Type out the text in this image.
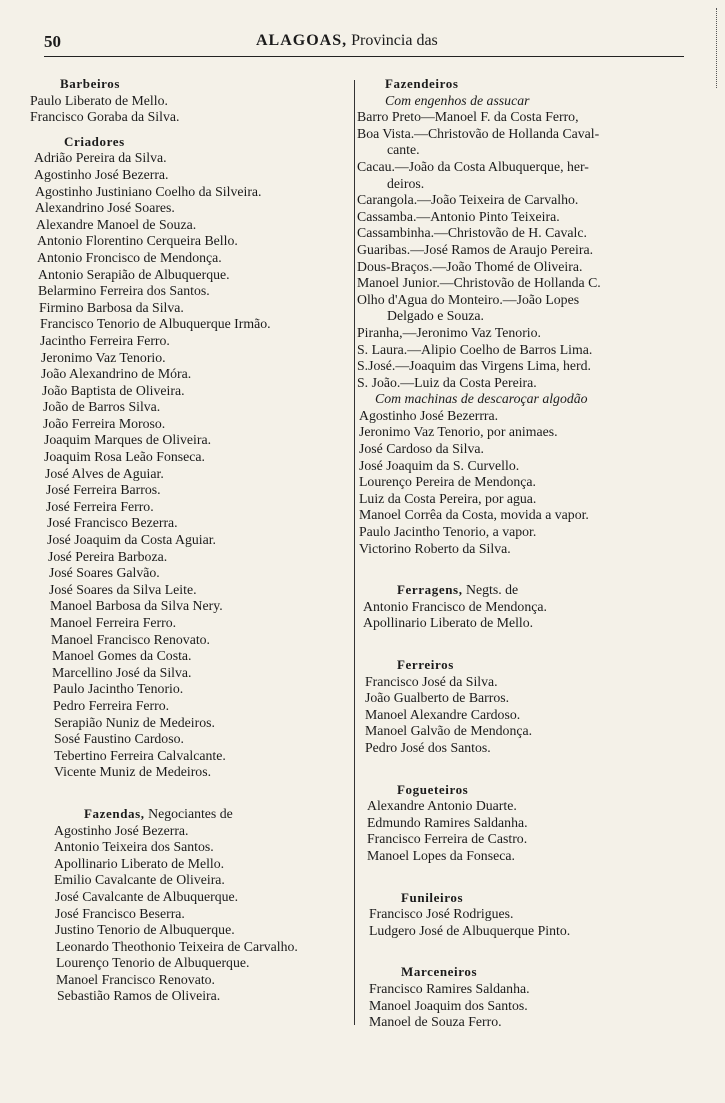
50	ALAGOAS, Provincia das
Barbeiros
Paulo Liberato de Mello.
Francisco Goraba da Silva.
Criadores
Adrião Pereira da Silva.
Agostinho José Bezerra.
Agostinho Justiniano Coelho da Silveira.
Alexandrino José Soares.
Alexandre Manoel de Souza.
Antonio Florentino Cerqueira Bello.
Antonio Froncisco de Mendonça.
Antonio Serapião de Albuquerque.
Belarmino Ferreira dos Santos.
Firmino Barbosa da Silva.
Francisco Tenorio de Albuquerque Irmão.
Jacintho Ferreira Ferro.
Jeronimo Vaz Tenorio.
João Alexandrino de Móra.
João Baptista de Oliveira.
João de Barros Silva.
João Ferreira Moroso.
Joaquim Marques de Oliveira.
Joaquim Rosa Leão Fonseca.
José Alves de Aguiar.
José Ferreira Barros.
José Ferreira Ferro.
José Francisco Bezerra.
José Joaquim da Costa Aguiar.
José Pereira Barboza.
José Soares Galvão.
José Soares da Silva Leite.
Manoel Barbosa da Silva Nery.
Manoel Ferreira Ferro.
Manoel Francisco Renovato.
Manoel Gomes da Costa.
Marcellino José da Silva.
Paulo Jacintho Tenorio.
Pedro Ferreira Ferro.
Serapião Nuniz de Medeiros.
Sosé Faustino Cardoso.
Tebertino Ferreira Calvalcante.
Vicente Muniz de Medeiros.
Fazendas, Negociantes de
Agostinho José Bezerra.
Antonio Teixeira dos Santos.
Apollinario Liberato de Mello.
Emilio Cavalcante de Oliveira.
José Cavalcante de Albuquerque.
José Francisco Beserra.
Justino Tenorio de Albuquerque.
Leonardo Theothonio Teixeira de Carvalho.
Lourenço Tenorio de Albuquerque.
Manoel Francisco Renovato.
Sebastião Ramos de Oliveira.
Fazendeiros
Com engenhos de assucar
Barro Preto—Manoel F. da Costa Ferro,
Boa Vista.—Christovão de Hollanda Caval-
cante.
Cacau.—João da Costa Albuquerque, her-
deiros.
Carangola.—João Teixeira de Carvalho.
Cassamba.—Antonio Pinto Teixeira.
Cassambinha.—Christovão de H. Cavalc.
Guaribas.—José Ramos de Araujo Pereira.
Dous-Braços.—João Thomé de Oliveira.
Manoel Junior.—Christovão de Hollanda C.
Olho d'Agua do Monteiro.—João Lopes
Delgado e Souza.
Piranha,—Jeronimo Vaz Tenorio.
S. Laura.—Alipio Coelho de Barros Lima.
S.José.—Joaquim das Virgens Lima, herd.
S. João.—Luiz da Costa Pereira.
Com machinas de descaroçar algodão
Agostinho José Bezerrra.
Jeronimo Vaz Tenorio, por animaes.
José Cardoso da Silva.
José Joaquim da S. Curvello.
Lourenço Pereira de Mendonça.
Luiz da Costa Pereira, por agua.
Manoel Corrêa da Costa, movida a vapor.
Paulo Jacintho Tenorio, a vapor.
Victorino Roberto da Silva.
Ferragens, Negts. de
Antonio Francisco de Mendonça.
Apollinario Liberato de Mello.
Ferreiros
Francisco José da Silva.
João Gualberto de Barros.
Manoel Alexandre Cardoso.
Manoel Galvão de Mendonça.
Pedro José dos Santos.
Fogueteiros
Alexandre Antonio Duarte.
Edmundo Ramires Saldanha.
Francisco Ferreira de Castro.
Manoel Lopes da Fonseca.
Funileiros
Francisco José Rodrigues.
Ludgero José de Albuquerque Pinto.
Marceneiros
Francisco Ramires Saldanha.
Manoel Joaquim dos Santos.
Manoel de Souza Ferro.
